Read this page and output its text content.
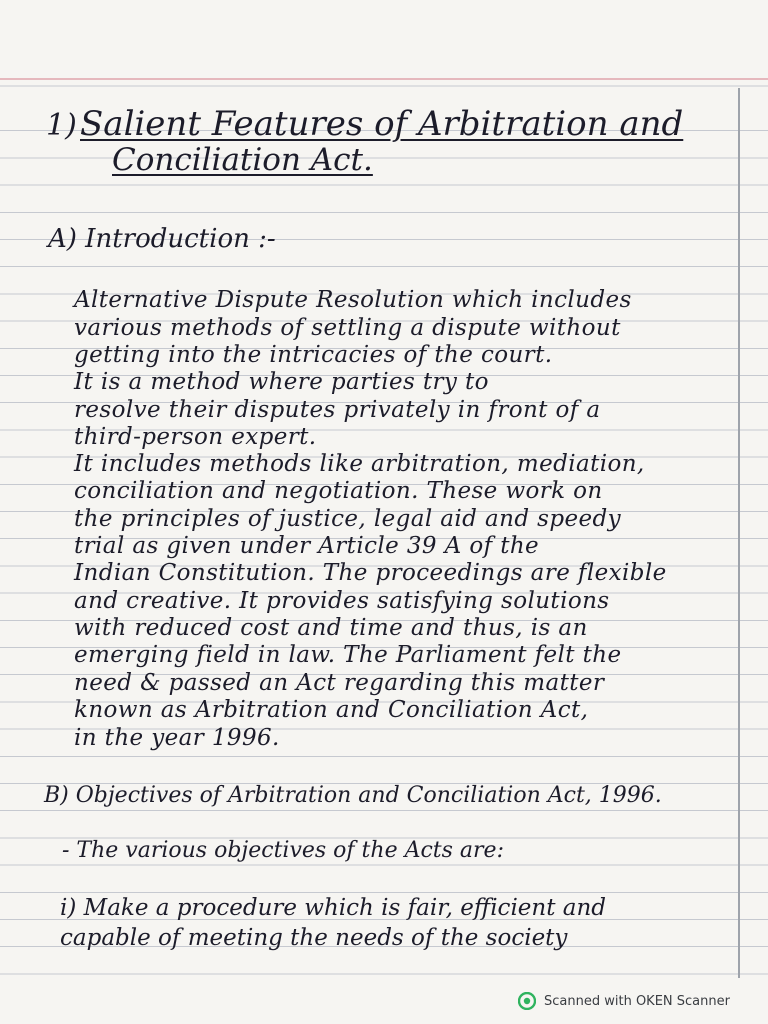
1) Salient Features of Arbitration and
Conciliation Act.
A) Introduction :-
Alternative Dispute Resolution which includes
various methods of settling a dispute without
getting into the intricacies of the court.
It is a method where parties try to
resolve their disputes privately in front of a
third-person expert.
It includes methods like arbitration, mediation,
conciliation and negotiation. These work on
the principles of justice, legal aid and speedy
trial as given under Article 39 A of the
Indian Constitution. The proceedings are flexible
and creative. It provides satisfying solutions
with reduced cost and time and thus, is an
emerging field in law. The Parliament felt the
need & passed an Act regarding this matter
known as Arbitration and Conciliation Act,
in the year 1996.
B) Objectives of Arbitration and Conciliation Act, 1996.
- The various objectives of the Acts are:
i) Make a procedure which is fair, efficient and
capable of meeting the needs of the society
Scanned with OKEN Scanner
